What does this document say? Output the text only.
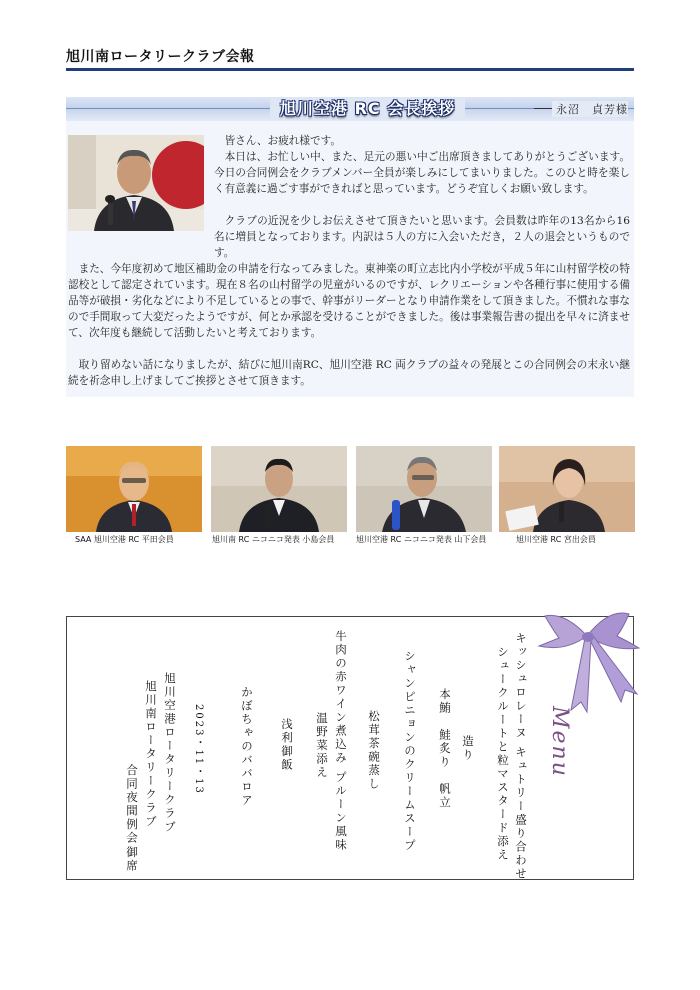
旭川南ロータリークラブ会報
旭川空港 RC 会長挨拶	永沼　貞芳様
皆さん、お疲れ様です。
本日は、お忙しい中、また、足元の悪い中ご出席頂きましてありがとうございます。今日の合同例会をクラブメンバー全員が楽しみにしてまいりました。このひと時を楽しく有意義に過ごす事ができればと思っています。どうぞ宜しくお願い致します。
クラブの近況を少しお伝えさせて頂きたいと思います。会員数は昨年の13名から16名に増員となっております。内訳は５人の方に入会いただき，２人の退会というものです。
また、今年度初めて地区補助金の申請を行なってみました。東神楽の町立志比内小学校が平成５年に山村留学校の特認校として認定されています。現在８名の山村留学の児童がいるのですが、レクリエーションや各種行事に使用する備品等が破損・劣化などにより不足しているとの事で、幹事がリーダーとなり申請作業をして頂きました。不慣れな事なので手間取って大変だったようですが、何とか承認を受けることができました。後は事業報告書の提出を早々に済ませて、次年度も継続して活動したいと考えております。
取り留めない話になりましたが、結びに旭川南RC、旭川空港 RC 両クラブの益々の発展とこの合同例会の末永い継続を祈念申し上げましてご挨拶とさせて頂きます。
SAA 旭川空港 RC 平田会員	旭川南 RC ニコニコ発表 小島会員	旭川空港 RC ニコニコ発表 山下会員	旭川空港 RC 宮出会員
Menu
キッシュロレーヌ キュトリー盛り合わせ
シュークルートと粒マスタード添え
造り
本鮪　鮭炙り　帆立
シャンピニョンのクリームスープ
松茸茶碗蒸し
牛肉の赤ワイン煮込み プルーン風味
温野菜添え
浅利御飯
かぼちゃのババロア
2023・11・13
旭川空港ロータリークラブ
旭川南ロータリークラブ
合同夜間例会
御席
